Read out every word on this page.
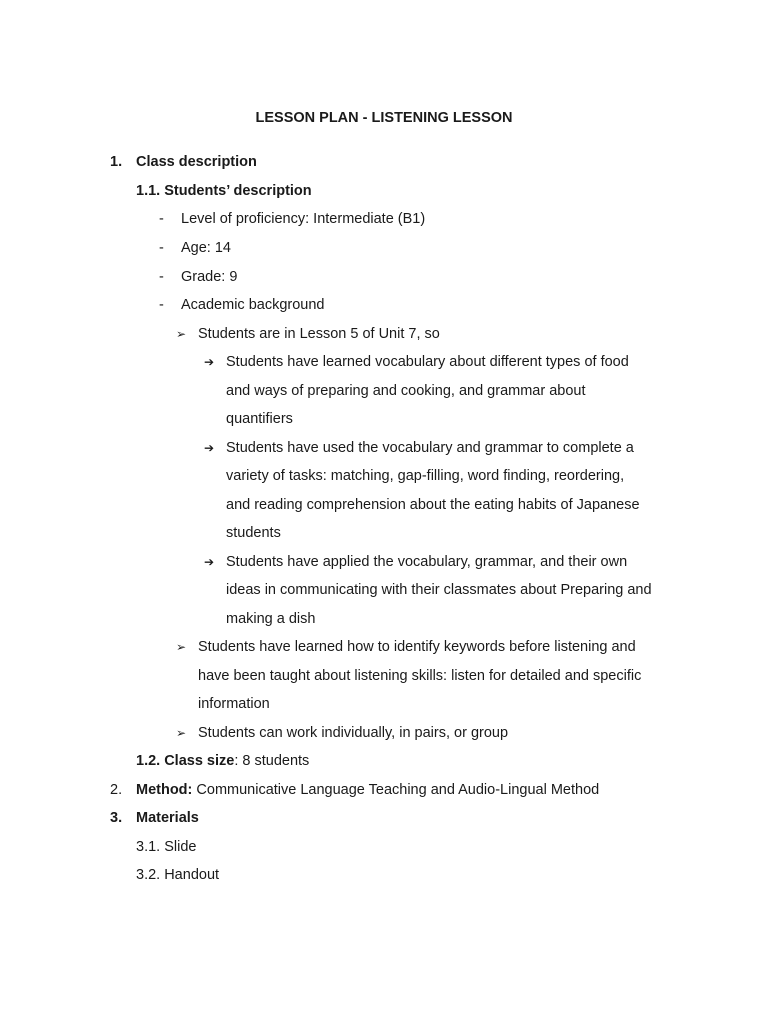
LESSON PLAN - LISTENING LESSON
1. Class description
1.1. Students’ description
- Level of proficiency: Intermediate (B1)
- Age: 14
- Grade: 9
- Academic background
➢ Students are in Lesson 5 of Unit 7, so
➔ Students have learned vocabulary about different types of food
and ways of preparing and cooking, and grammar about
quantifiers
➔ Students have used the vocabulary and grammar to complete a
variety of tasks: matching, gap-filling, word finding, reordering,
and reading comprehension about the eating habits of Japanese
students
➔ Students have applied the vocabulary, grammar, and their own
ideas in communicating with their classmates about Preparing and
making a dish
➢ Students have learned how to identify keywords before listening and
have been taught about listening skills: listen for detailed and specific
information
➢ Students can work individually, in pairs, or group
1.2. Class size: 8 students
2. Method: Communicative Language Teaching and Audio-Lingual Method
3. Materials
3.1. Slide
3.2. Handout
